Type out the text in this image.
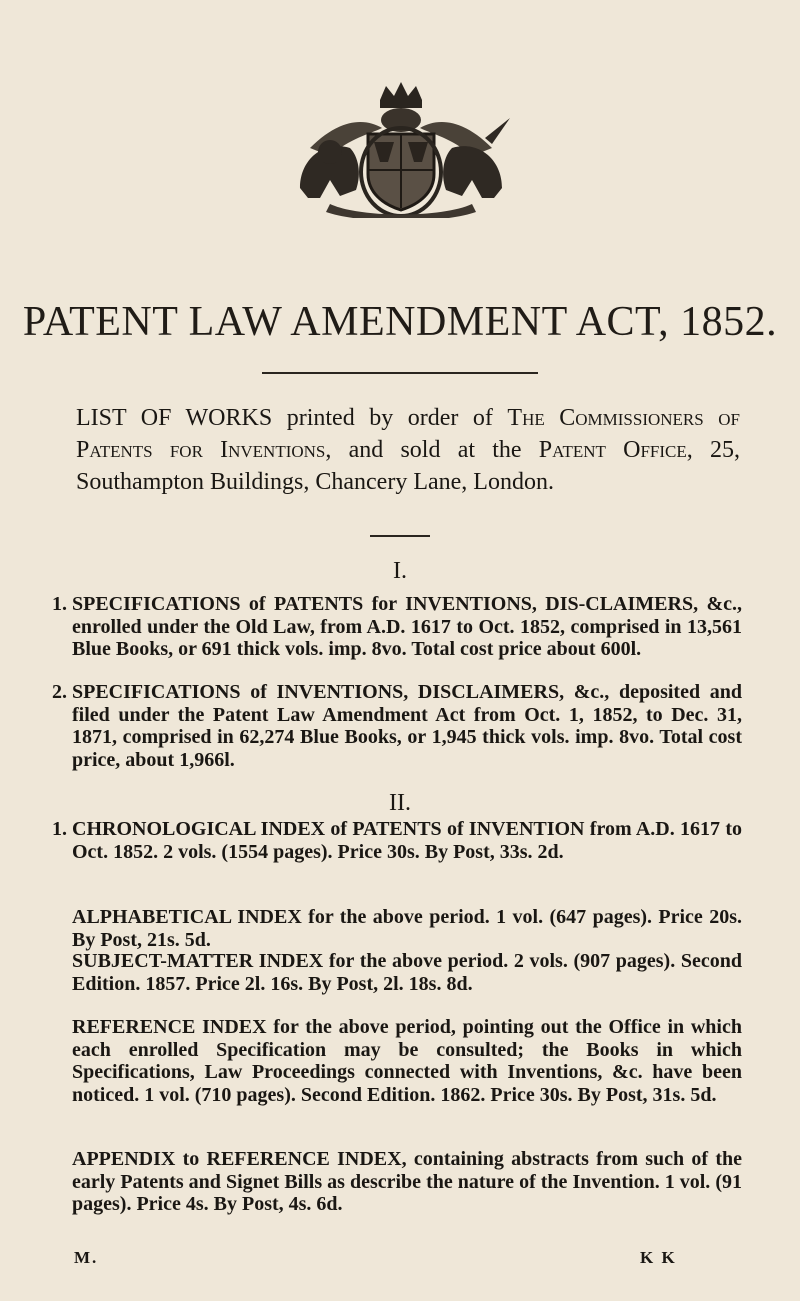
PATENT LAW AMENDMENT ACT, 1852.
LIST OF WORKS printed by order of The Commissioners of Patents for Inventions, and sold at the Patent Office, 25, Southampton Buildings, Chancery Lane, London.
I.
1. SPECIFICATIONS of PATENTS for INVENTIONS, DIS-CLAIMERS, &c., enrolled under the Old Law, from A.D. 1617 to Oct. 1852, comprised in 13,561 Blue Books, or 691 thick vols. imp. 8vo. Total cost price about 600l.
2. SPECIFICATIONS of INVENTIONS, DISCLAIMERS, &c., deposited and filed under the Patent Law Amendment Act from Oct. 1, 1852, to Dec. 31, 1871, comprised in 62,274 Blue Books, or 1,945 thick vols. imp. 8vo. Total cost price, about 1,966l.
II.
1. CHRONOLOGICAL INDEX of PATENTS of INVENTION from A.D. 1617 to Oct. 1852. 2 vols. (1554 pages). Price 30s. By Post, 33s. 2d.
ALPHABETICAL INDEX for the above period. 1 vol. (647 pages). Price 20s. By Post, 21s. 5d.
SUBJECT-MATTER INDEX for the above period. 2 vols. (907 pages). Second Edition. 1857. Price 2l. 16s. By Post, 2l. 18s. 8d.
REFERENCE INDEX for the above period, pointing out the Office in which each enrolled Specification may be consulted; the Books in which Specifications, Law Proceedings connected with Inventions, &c. have been noticed. 1 vol. (710 pages). Second Edition. 1862. Price 30s. By Post, 31s. 5d.
APPENDIX to REFERENCE INDEX, containing abstracts from such of the early Patents and Signet Bills as describe the nature of the Invention. 1 vol. (91 pages). Price 4s. By Post, 4s. 6d.
M.	K K
